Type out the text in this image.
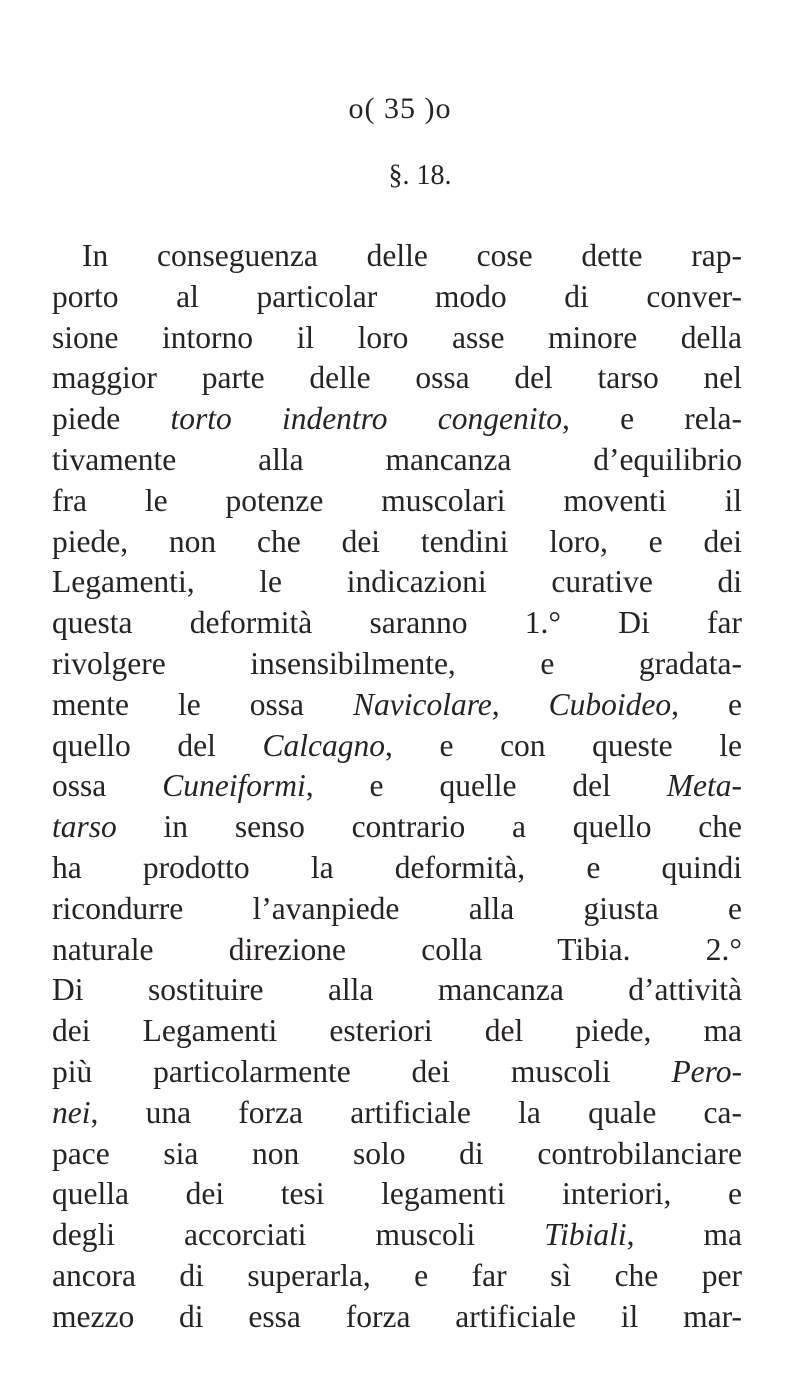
o( 35 )o
§. 18.
In conseguenza delle cose dette rap-
porto al particolar modo di conver-
sione intorno il loro asse minore della
maggior parte delle ossa del tarso nel
piede torto indentro congenito, e rela-
tivamente alla mancanza d’equilibrio
fra le potenze muscolari moventi il
piede, non che dei tendini loro, e dei
Legamenti, le indicazioni curative di
questa deformità saranno 1.° Di far
rivolgere insensibilmente, e gradata-
mente le ossa Navicolare, Cuboideo, e
quello del Calcagno, e con queste le
ossa Cuneiformi, e quelle del Meta-
tarso in senso contrario a quello che
ha prodotto la deformità, e quindi
ricondurre l’avanpiede alla giusta e
naturale direzione colla Tibia. 2.°
Di sostituire alla mancanza d’attività
dei Legamenti esteriori del piede, ma
più particolarmente dei muscoli Pero-
nei, una forza artificiale la quale ca-
pace sia non solo di controbilanciare
quella dei tesi legamenti interiori, e
degli accorciati muscoli Tibiali, ma
ancora di superarla, e far sì che per
mezzo di essa forza artificiale il mar-
